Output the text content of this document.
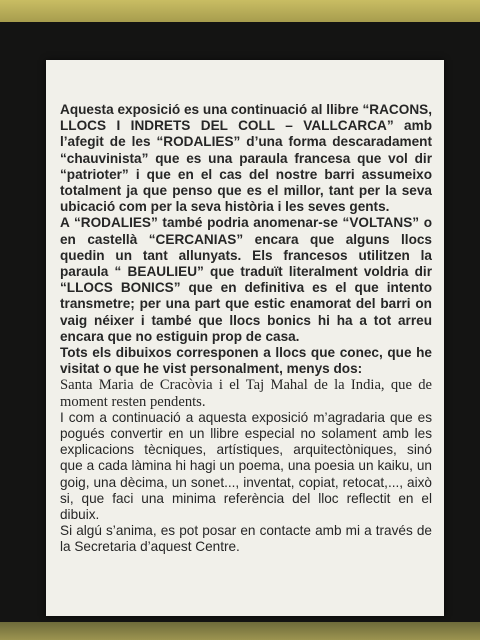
Aquesta exposició es una continuació al llibre “RACONS, LLOCS I INDRETS DEL COLL – VALLCARCA” amb l’afegit de les “RODALIES” d’una forma descaradament “chauvinista” que es una paraula francesa que vol dir “patrioter” i que en el cas del nostre barri assumeixo totalment ja que penso que es el millor, tant per la seva ubicació com per la seva història i les seves gents.

A “RODALIES” també podria anomenar-se “VOLTANS” o en castellà “CERCANIAS” encara que alguns llocs quedin un tant allunyats. Els francesos utilitzen la paraula “ BEAULIEU” que traduït literalment voldria dir “LLOCS BONICS” que en definitiva es el que intento transmetre; per una part que estic enamorat del barri on vaig néixer i també que llocs bonics hi ha a tot arreu encara que no estiguin prop de casa.

Tots els dibuixos corresponen a llocs que conec, que he visitat o que he vist personalment, menys dos:

Santa Maria de Cracòvia i el Taj Mahal de la India, que de moment resten pendents.

I com a continuació a aquesta exposició m’agradaria que es pogués convertir en un llibre especial no solament amb les explicacions tècniques, artístiques, arquitectòniques, sinó que a cada làmina hi hagi un poema, una poesia un kaiku, un goig, una dècima, un sonet..., inventat, copiat, retocat,..., això si, que faci una minima referència del lloc reflectit en el dibuix.

Si algú s’anima, es pot posar en contacte amb mi a través de la Secretaria d’aquest Centre.
